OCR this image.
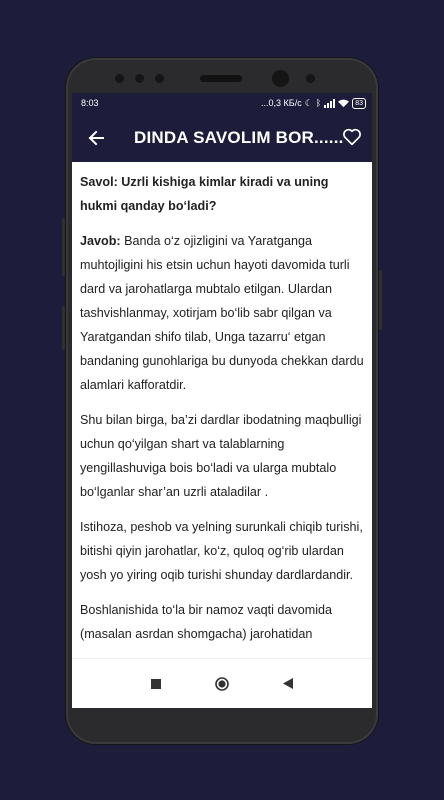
8:03	...0,3 КБ/с ☾ ᛒ	83
DINDA SAVOLIM BOR......

Savol: Uzrli kishiga kimlar kiradi va uning hukmi qanday bo‘ladi?

Javob: Banda o‘z ojizligini va Yaratganga muhtojligini his etsin uchun hayoti davomida turli dard va jarohatlarga mubtalo etilgan. Ulardan tashvishlanmay, xotirjam bo‘lib sabr qilgan va Yaratgandan shifo tilab, Unga tazarru‘ etgan bandaning gunohlariga bu dunyoda chekkan dardu alamlari kafforatdir.

Shu bilan birga, ba’zi dardlar ibodatning maqbulligi uchun qo‘yilgan shart va talablarning yengillashuviga bois bo‘ladi va ularga mubtalo bo‘lganlar shar’an uzrli ataladilar .

Istihoza, peshob va yelning surunkali chiqib turishi, bitishi qiyin jarohatlar, ko‘z, quloq og‘rib ulardan yosh yo yiring oqib turishi shunday dardlardandir.

Boshlanishida to‘la bir namoz vaqti davomida (masalan asrdan shomgacha) jarohatidan
